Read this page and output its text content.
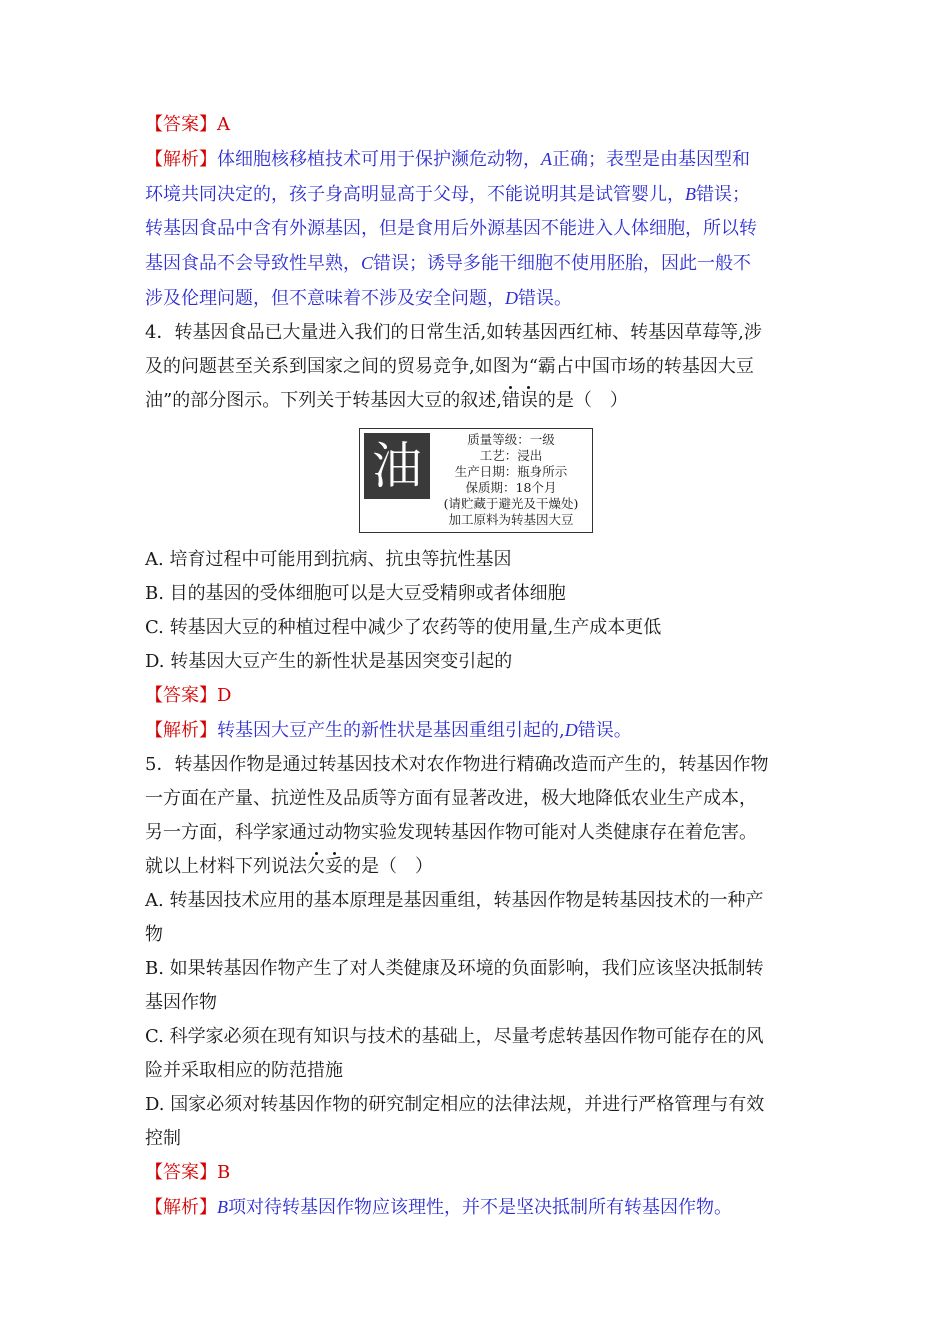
【答案】A
【解析】体细胞核移植技术可用于保护濒危动物，A正确；表型是由基因型和
环境共同决定的，孩子身高明显高于父母，不能说明其是试管婴儿，B错误；
转基因食品中含有外源基因，但是食用后外源基因不能进入人体细胞，所以转
基因食品不会导致性早熟，C错误；诱导多能干细胞不使用胚胎，因此一般不
涉及伦理问题，但不意味着不涉及安全问题，D错误。
4．转基因食品已大量进入我们的日常生活,如转基因西红柿、转基因草莓等,涉
及的问题甚至关系到国家之间的贸易竞争,如图为“霸占中国市场的转基因大豆
油”的部分图示。下列关于转基因大豆的叙述,错误的是（　）
油	质量等级：一级
工艺：浸出
生产日期：瓶身所示
保质期：18个月
(请贮藏于避光及干燥处)
加工原料为转基因大豆
A. 培育过程中可能用到抗病、抗虫等抗性基因
B. 目的基因的受体细胞可以是大豆受精卵或者体细胞
C. 转基因大豆的种植过程中减少了农药等的使用量,生产成本更低
D. 转基因大豆产生的新性状是基因突变引起的
【答案】D
【解析】转基因大豆产生的新性状是基因重组引起的,D错误。
5．转基因作物是通过转基因技术对农作物进行精确改造而产生的，转基因作物
一方面在产量、抗逆性及品质等方面有显著改进，极大地降低农业生产成本，
另一方面，科学家通过动物实验发现转基因作物可能对人类健康存在着危害。
就以上材料下列说法欠妥的是（　）
A. 转基因技术应用的基本原理是基因重组，转基因作物是转基因技术的一种产
物
B. 如果转基因作物产生了对人类健康及环境的负面影响，我们应该坚决抵制转
基因作物
C. 科学家必须在现有知识与技术的基础上，尽量考虑转基因作物可能存在的风
险并采取相应的防范措施
D. 国家必须对转基因作物的研究制定相应的法律法规，并进行严格管理与有效
控制
【答案】B
【解析】B项对待转基因作物应该理性，并不是坚决抵制所有转基因作物。
